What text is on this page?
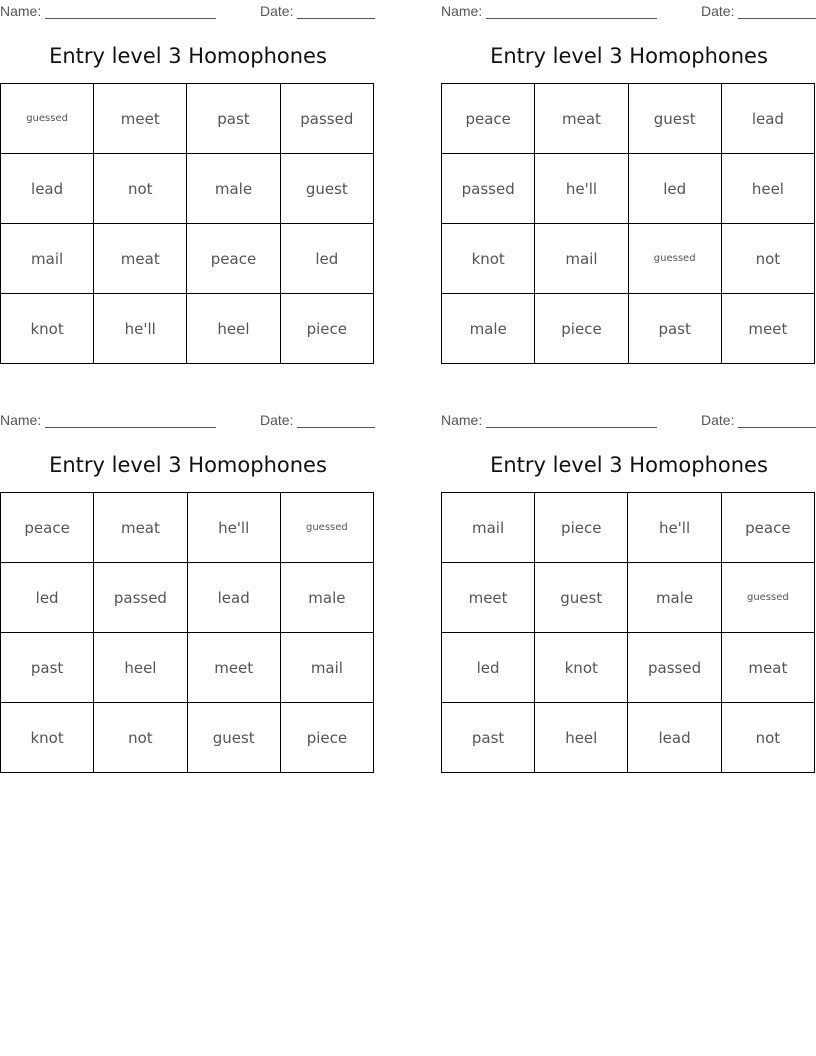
Name:	Date:
Entry level 3 Homophones
guessed	meet	past	passed
lead	not	male	guest
mail	meat	peace	led
knot	he'll	heel	piece
Name:	Date:
Entry level 3 Homophones
peace	meat	guest	lead
passed	he'll	led	heel
knot	mail	guessed	not
male	piece	past	meet
Name:	Date:
Entry level 3 Homophones
peace	meat	he'll	guessed
led	passed	lead	male
past	heel	meet	mail
knot	not	guest	piece
Name:	Date:
Entry level 3 Homophones
mail	piece	he'll	peace
meet	guest	male	guessed
led	knot	passed	meat
past	heel	lead	not
